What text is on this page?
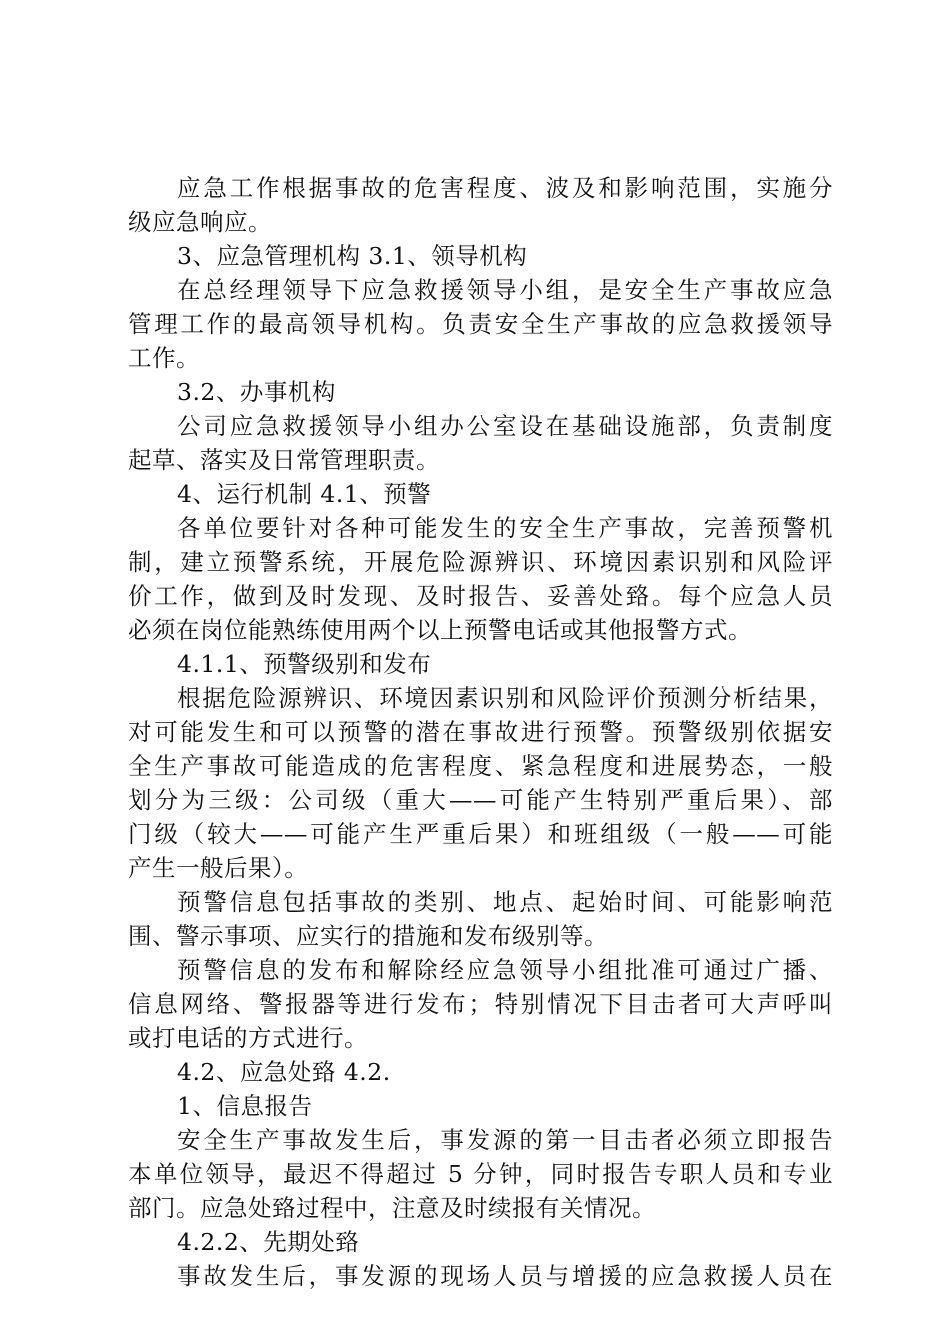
应急工作根据事故的危害程度、波及和影响范围，实施分
级应急响应。
3、应急管理机构 3.1、领导机构
在总经理领导下应急救援领导小组，是安全生产事故应急
管理工作的最高领导机构。负责安全生产事故的应急救援领导
工作。
3.2、办事机构
公司应急救援领导小组办公室设在基础设施部，负责制度
起草、落实及日常管理职责。
4、运行机制 4.1、预警
各单位要针对各种可能发生的安全生产事故，完善预警机
制，建立预警系统，开展危险源辨识、环境因素识别和风险评
价工作，做到及时发现、及时报告、妥善处臵。每个应急人员
必须在岗位能熟练使用两个以上预警电话或其他报警方式。
4.1.1、预警级别和发布
根据危险源辨识、环境因素识别和风险评价预测分析结果，
对可能发生和可以预警的潜在事故进行预警。预警级别依据安
全生产事故可能造成的危害程度、紧急程度和进展势态，一般
划分为三级：公司级（重大——可能产生特别严重后果）、部
门级（较大——可能产生严重后果）和班组级（一般——可能
产生一般后果）。
预警信息包括事故的类别、地点、起始时间、可能影响范
围、警示事项、应实行的措施和发布级别等。
预警信息的发布和解除经应急领导小组批准可通过广播、
信息网络、警报器等进行发布；特别情况下目击者可大声呼叫
或打电话的方式进行。
4.2、应急处臵 4.2.
1、信息报告
安全生产事故发生后，事发源的第一目击者必须立即报告
本单位领导，最迟不得超过 5 分钟，同时报告专职人员和专业
部门。应急处臵过程中，注意及时续报有关情况。
4.2.2、先期处臵
事故发生后，事发源的现场人员与增援的应急救援人员在
